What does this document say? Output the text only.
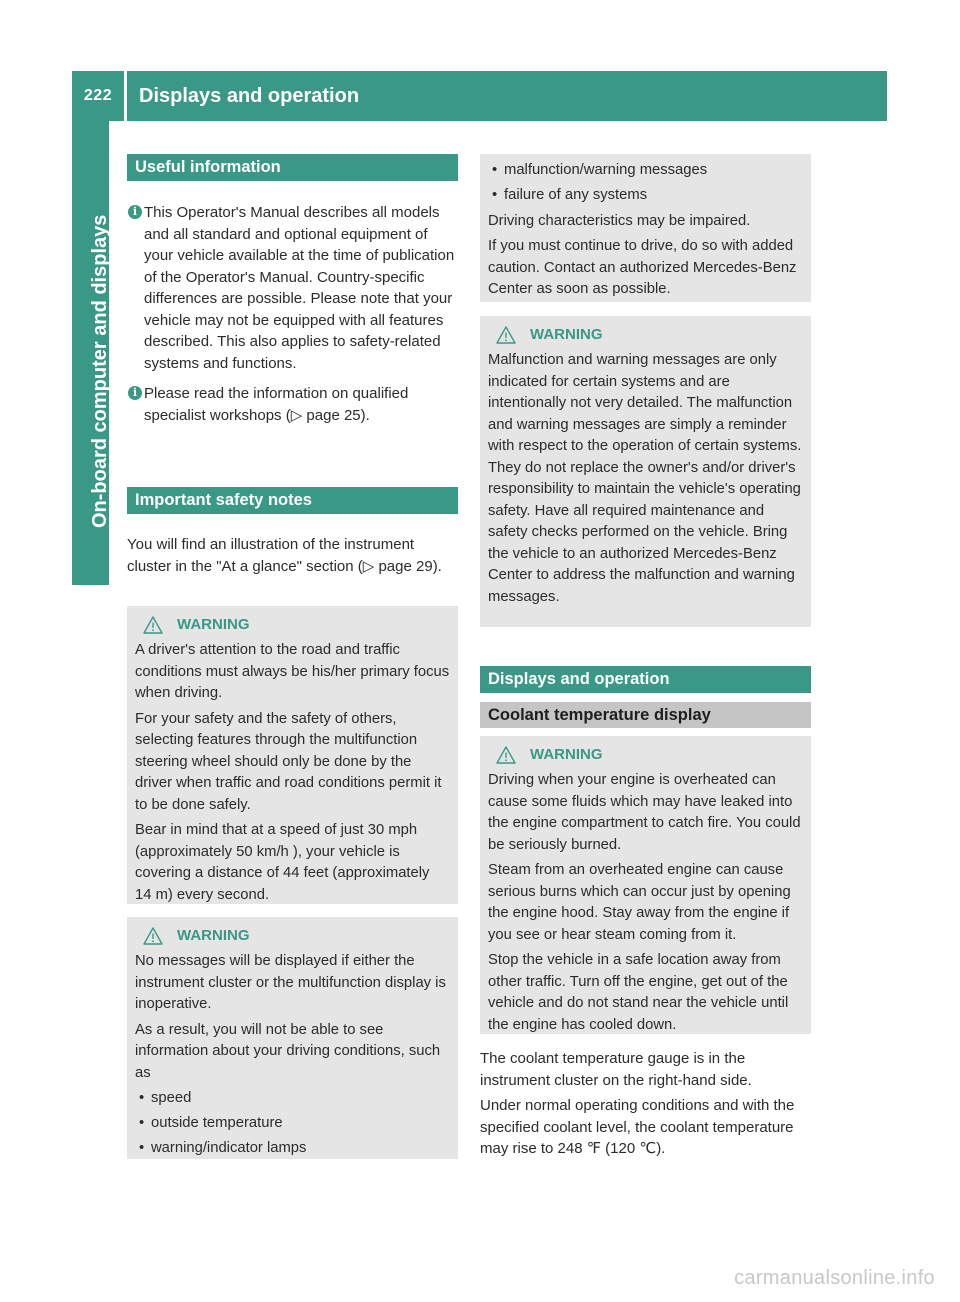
222	Displays and operation
On-board computer and displays
Useful information
i This Operator's Manual describes all models and all standard and optional equipment of your vehicle available at the time of publication of the Operator's Manual. Country-specific differences are possible. Please note that your vehicle may not be equipped with all features described. This also applies to safety-related systems and functions.
i Please read the information on qualified specialist workshops (▷ page 25).
Important safety notes
You will find an illustration of the instrument cluster in the "At a glance" section (▷ page 29).
WARNING

A driver's attention to the road and traffic conditions must always be his/her primary focus when driving.

For your safety and the safety of others, selecting features through the multifunction steering wheel should only be done by the driver when traffic and road conditions permit it to be done safely.

Bear in mind that at a speed of just 30 mph (approximately 50 km/h ), your vehicle is covering a distance of 44 feet (approximately 14 m) every second.

WARNING

No messages will be displayed if either the instrument cluster or the multifunction display is inoperative.

As a result, you will not be able to see information about your driving conditions, such as

• speed
• outside temperature
• warning/indicator lamps
• malfunction/warning messages
• failure of any systems

Driving characteristics may be impaired.

If you must continue to drive, do so with added caution. Contact an authorized Mercedes-Benz Center as soon as possible.

WARNING

Malfunction and warning messages are only indicated for certain systems and are intentionally not very detailed. The malfunction and warning messages are simply a reminder with respect to the operation of certain systems. They do not replace the owner's and/or driver's responsibility to maintain the vehicle's operating safety. Have all required maintenance and safety checks performed on the vehicle. Bring the vehicle to an authorized Mercedes-Benz Center to address the malfunction and warning messages.

Displays and operation
Coolant temperature display
WARNING

Driving when your engine is overheated can cause some fluids which may have leaked into the engine compartment to catch fire. You could be seriously burned.

Steam from an overheated engine can cause serious burns which can occur just by opening the engine hood. Stay away from the engine if you see or hear steam coming from it.

Stop the vehicle in a safe location away from other traffic. Turn off the engine, get out of the vehicle and do not stand near the vehicle until the engine has cooled down.

The coolant temperature gauge is in the instrument cluster on the right-hand side.

Under normal operating conditions and with the specified coolant level, the coolant temperature may rise to 248 ℉ (120 ℃).

carmanualsonline.info
